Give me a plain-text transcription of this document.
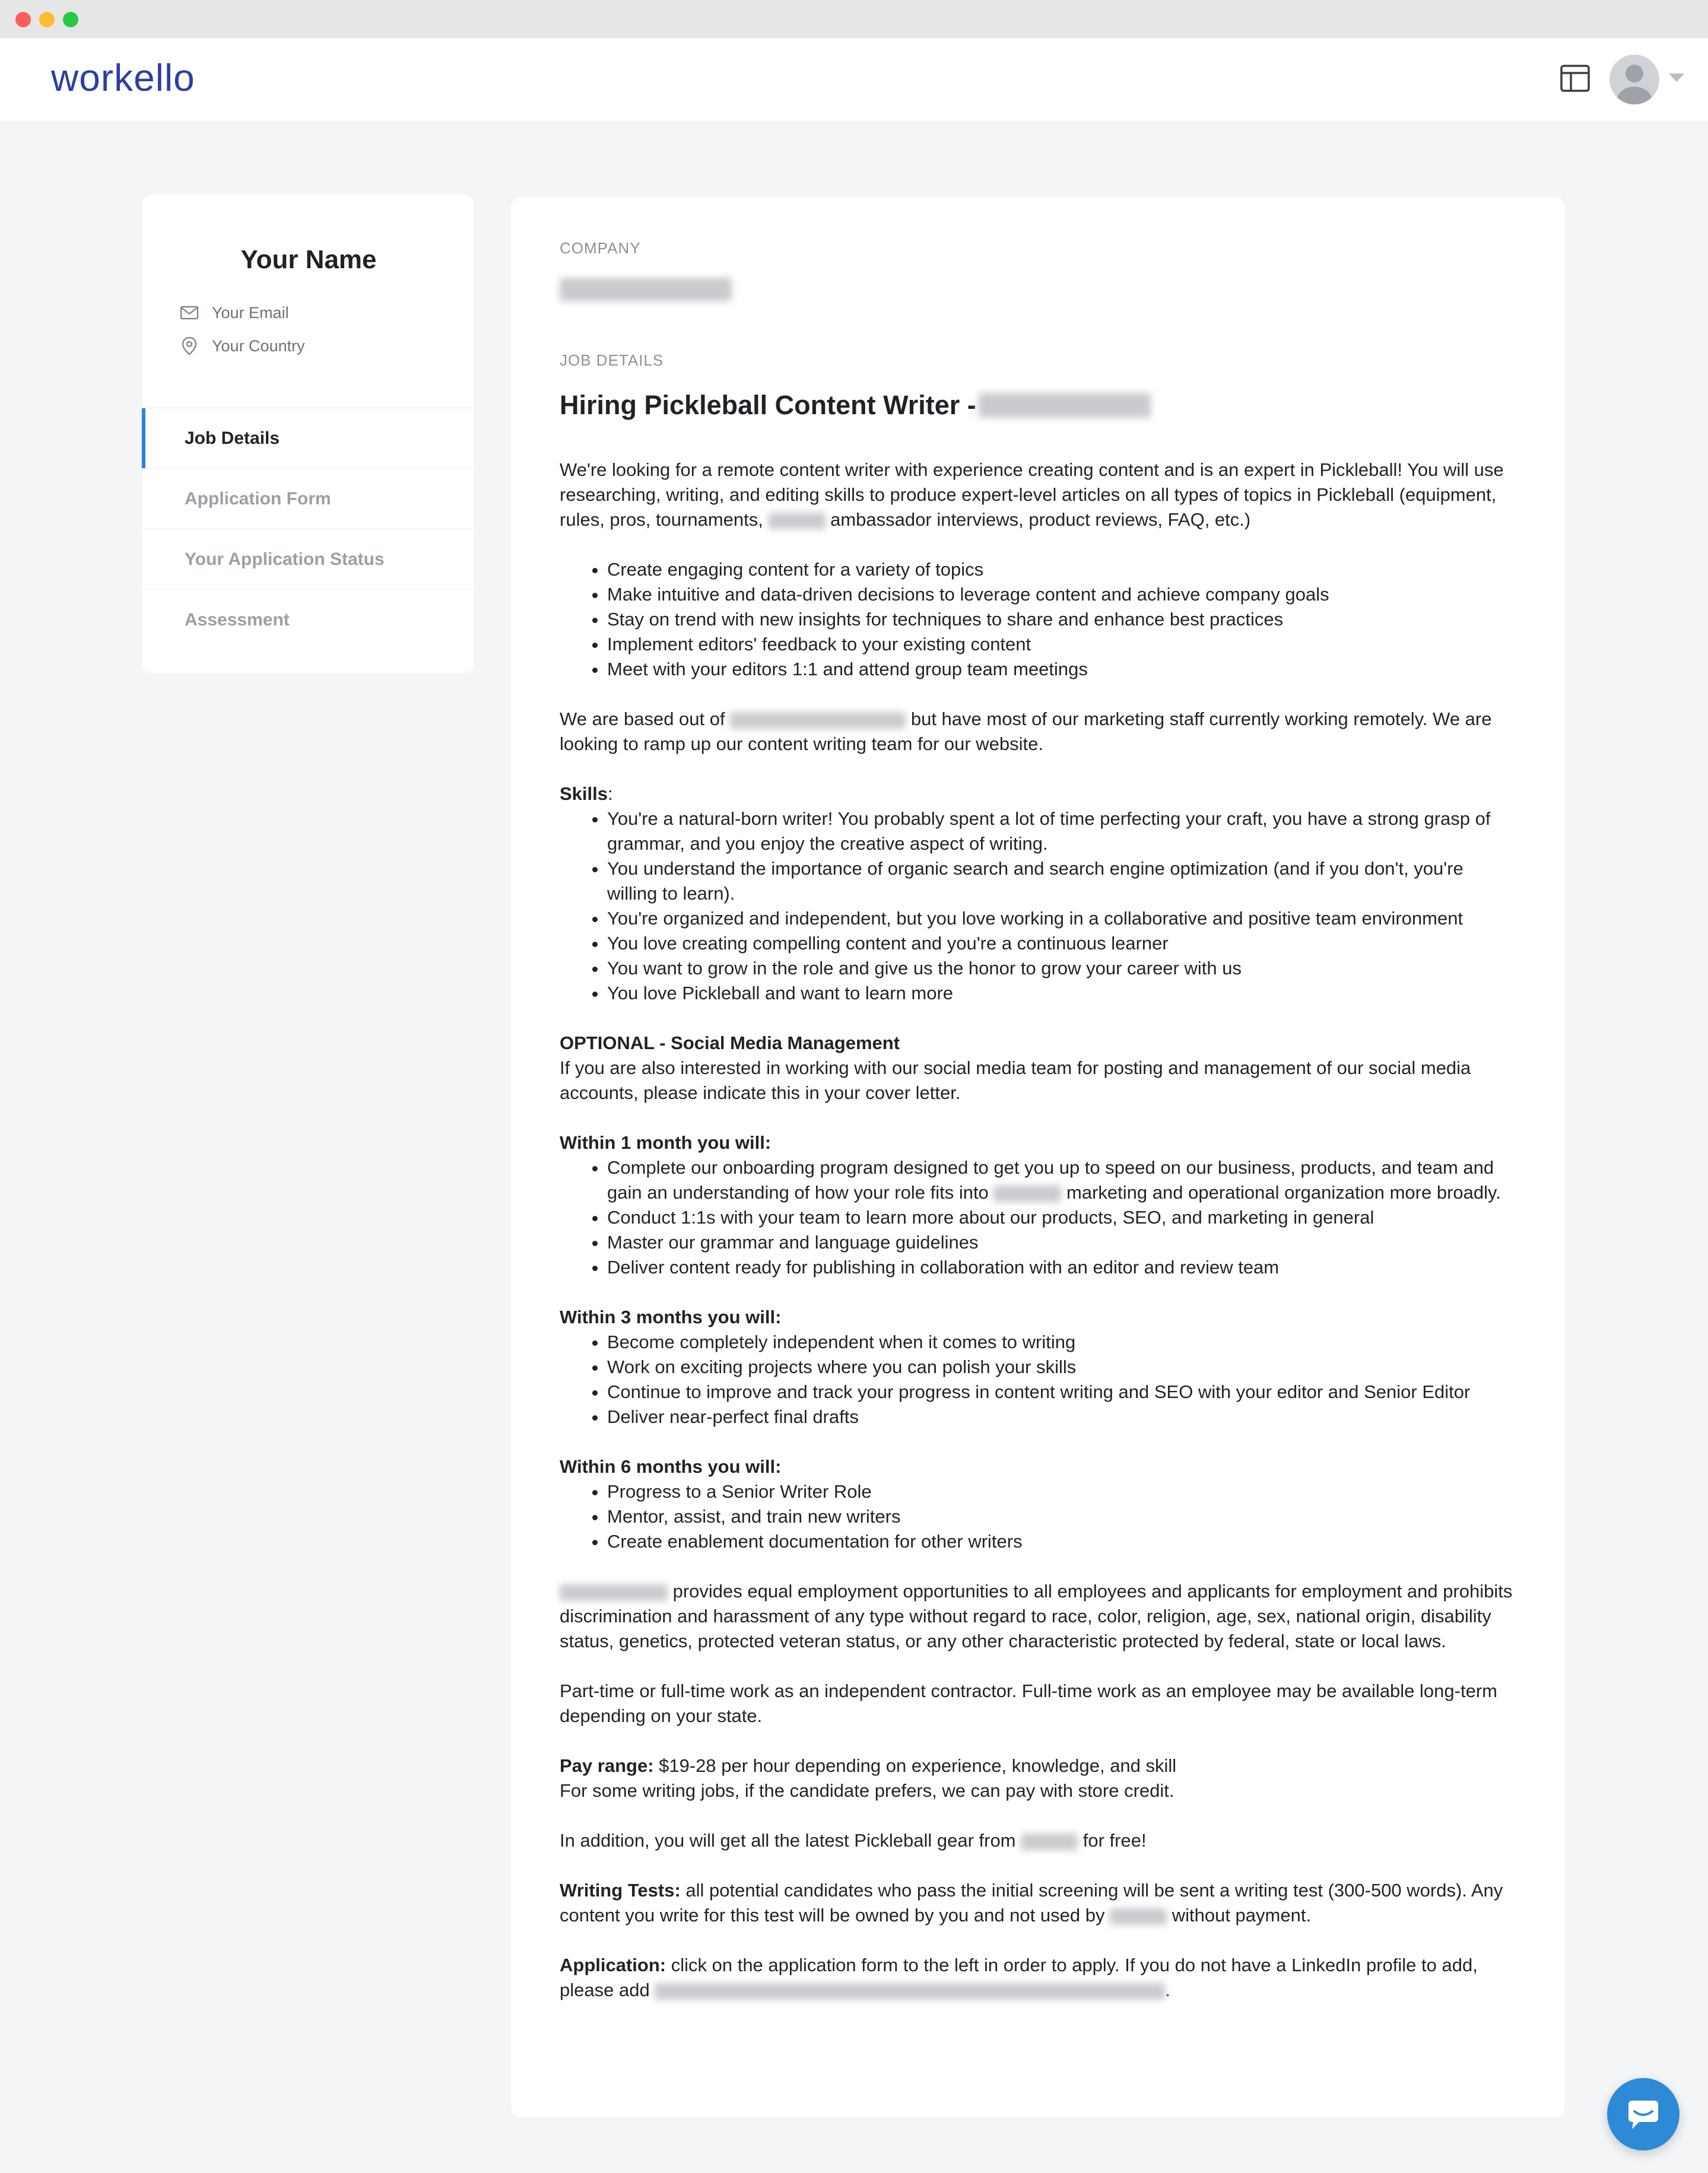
workello
Your Name
Your Email
Your Country
Job Details
Application Form
Your Application Status
Assessment
COMPANY
JOB DETAILS
Hiring Pickleball Content Writer -

We're looking for a remote content writer with experience creating content and is an expert in Pickleball! You will use researching, writing, and editing skills to produce expert-level articles on all types of topics in Pickleball (equipment, rules, pros, tournaments,	ambassador interviews, product reviews, FAQ, etc.)

• Create engaging content for a variety of topics
• Make intuitive and data-driven decisions to leverage content and achieve company goals
• Stay on trend with new insights for techniques to share and enhance best practices
• Implement editors' feedback to your existing content
• Meet with your editors 1:1 and attend group team meetings

We are based out of	but have most of our marketing staff currently working remotely. We are looking to ramp up our content writing team for our website.

Skills:

• You're a natural-born writer! You probably spent a lot of time perfecting your craft, you have a strong grasp of grammar, and you enjoy the creative aspect of writing.
• You understand the importance of organic search and search engine optimization (and if you don't, you're willing to learn).
• You're organized and independent, but you love working in a collaborative and positive team environment
• You love creating compelling content and you're a continuous learner
• You want to grow in the role and give us the honor to grow your career with us
• You love Pickleball and want to learn more

OPTIONAL - Social Media Management

If you are also interested in working with our social media team for posting and management of our social media accounts, please indicate this in your cover letter.

Within 1 month you will:

• Complete our onboarding program designed to get you up to speed on our business, products, and team and gain an understanding of how your role fits into	marketing and operational organization more broadly.
• Conduct 1:1s with your team to learn more about our products, SEO, and marketing in general
• Master our grammar and language guidelines
• Deliver content ready for publishing in collaboration with an editor and review team

Within 3 months you will:

• Become completely independent when it comes to writing
• Work on exciting projects where you can polish your skills
• Continue to improve and track your progress in content writing and SEO with your editor and Senior Editor
• Deliver near-perfect final drafts

Within 6 months you will:

• Progress to a Senior Writer Role
• Mentor, assist, and train new writers
• Create enablement documentation for other writers

provides equal employment opportunities to all employees and applicants for employment and prohibits discrimination and harassment of any type without regard to race, color, religion, age, sex, national origin, disability status, genetics, protected veteran status, or any other characteristic protected by federal, state or local laws.

Part-time or full-time work as an independent contractor. Full-time work as an employee may be available long-term depending on your state.

Pay range: $19-28 per hour depending on experience, knowledge, and skill

For some writing jobs, if the candidate prefers, we can pay with store credit.

In addition, you will get all the latest Pickleball gear from	for free!

Writing Tests: all potential candidates who pass the initial screening will be sent a writing test (300-500 words). Any content you write for this test will be owned by you and not used by	without payment.

Application: click on the application form to the left in order to apply. If you do not have a LinkedIn profile to add, please add	.
